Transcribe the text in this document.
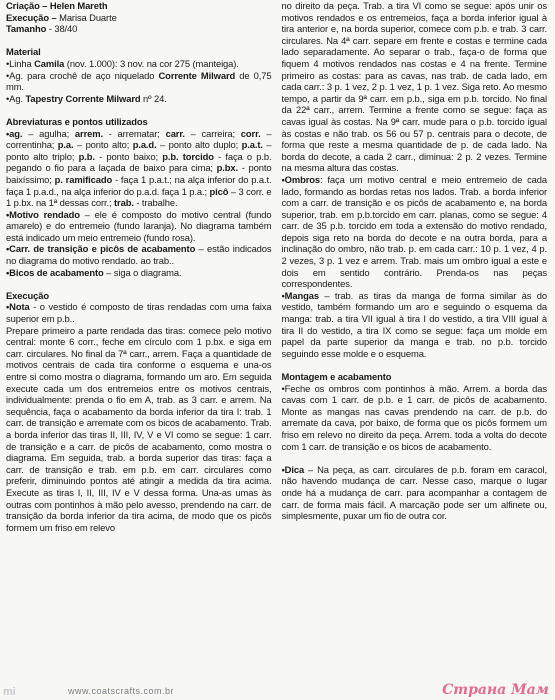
Criação – Helen Mareth

Execução – Marisa Duarte

Tamanho - 38/40

Material

•Linha Camila (nov. 1.000): 3 nov. na cor 275 (manteiga).

•Ag. para crochê de aço niquelado Corrente Milward de 0,75 mm.

•Ag. Tapestry Corrente Milward nº 24.

Abreviaturas e pontos utilizados

•ag. – agulha; arrem. - arrematar; carr. – carreira; corr. – correntinha; p.a. – ponto alto; p.a.d. – ponto alto duplo; p.a.t. – ponto alto triplo; p.b. - ponto baixo; p.b. torcido - faça o p.b. pegando o fio para a laçada de baixo para cima; p.bx. - ponto baixíssimo; p. ramificado - faça 1 p.a.t.; na alça inferior do p.a.t. faça 1 p.a.d., na alça inferior do p.a.d. faça 1 p.a.; picô – 3 corr. e 1 p.bx. na 1ª dessas corr.; trab. - trabalhe.

•Motivo rendado – ele é composto do motivo central (fundo amarelo) e do entremeio (fundo laranja). No diagrama também está indicado um meio entremeio (fundo rosa).

•Carr. de transição e picôs de acabamento – estão indicados no diagrama do motivo rendado. ao trab..

•Bicos de acabamento – siga o diagrama.

Execução

•Nota - o vestido é composto de tiras rendadas com uma faixa superior em p.b..

Prepare primeiro a parte rendada das tiras: comece pelo motivo central: monte 6 corr., feche em círculo com 1 p.bx. e siga em carr. circulares. No final da 7ª carr., arrem. Faça a quantidade de motivos centrais de cada tira conforme o esquema e una-os entre si como mostra o diagrama, formando um aro. Em seguida execute cada um dos entremeios entre os motivos centrais, individualmente: prenda o fio em A, trab. as 3 carr. e arrem. Na sequência, faça o acabamento da borda inferior da tira I: trab. 1 carr. de transição e arremate com os bicos de acabamento. Trab. a borda inferior das tiras II, III, IV, V e VI como se segue: 1 carr. de transição e a carr. de picôs de acabamento, como mostra o diagrama. Em seguida, trab. a borda superior das tiras: faça a carr. de transição e trab. em p.b. em carr. circulares como preferir, diminuindo pontos até atingir a medida da tira acima. Execute as tiras I, II, III, IV e V dessa forma. Una-as umas às outras com pontinhos à mão pelo avesso, prendendo na carr. de transição da borda inferior da tira acima, de modo que os picôs formem um friso em relevo

no direito da peça. Trab. a tira VI como se segue: após unir os motivos rendados e os entremeios, faça a borda inferior igual à tira anterior e, na borda superior, comece com p.b. e trab. 3 carr. circulares. Na 4ª carr. separe em frente e costas e termine cada lado separadamente. Ao separar o trab., faça-o de forma que fiquem 4 motivos rendados nas costas e 4 na frente. Termine primeiro as costas: para as cavas, nas trab. de cada lado, em cada carr.: 3 p. 1 vez, 2 p. 1 vez, 1 p. 1 vez. Siga reto. Ao mesmo tempo, a partir da 9ª carr. em p.b., siga em p.b. torcido. No final da 22ª carr., arrem. Termine a frente como se segue: faça as cavas igual às costas. Na 9ª carr. mude para o p.b. torcido igual às costas e não trab. os 56 ou 57 p. centrais para o decote, de forma que reste a mesma quantidade de p. de cada lado. Na borda do decote, a cada 2 carr., diminua: 2 p. 2 vezes. Termine na mesma altura das costas.

•Ombros: faça um motivo central e meio entremeio de cada lado, formando as bordas retas nos lados. Trab. a borda inferior com a carr. de transição e os picôs de acabamento e, na borda superior, trab. em p.b.torcido em carr. planas, como se segue: 4 carr. de 35 p.b. torcido em toda a extensão do motivo rendado, depois siga reto na borda do decote e na outra borda, para a inclinação do ombro, não trab. p. em cada carr.: 10 p. 1 vez, 4 p. 2 vezes, 3 p. 1 vez e arrem. Trab. mais um ombro igual a este e dois em sentido contrário. Prenda-os nas peças correspondentes.

•Mangas – trab. as tiras da manga de forma similar às do vestido, também formando um aro e seguindo o esquema da manga: trab. a tira VII igual à tira I do vestido, a tira VIII igual à tira II do vestido, a tira IX como se segue: faça um molde em papel da parte superior da manga e trab. no p.b. torcido seguindo esse molde e o esquema.

Montagem e acabamento

•Feche os ombros com pontinhos à mão. Arrem. a borda das cavas com 1 carr. de p.b. e 1 carr. de picôs de acabamento. Monte as mangas nas cavas prendendo na carr. de p.b. do arremate da cava, por baixo, de forma que os picôs formem um friso em relevo no direito da peça. Arrem. toda a volta do decote com 1 carr. de transição e os bicos de acabamento.

•Dica – Na peça, as carr. circulares de p.b. foram em caracol, não havendo mudança de carr. Nesse caso, marque o lugar onde há a mudança de carr. para acompanhar a contagem de carr. de forma mais fácil. A marcação pode ser um alfinete ou, simplesmente, puxar um fio de outra cor.

mi	www.coatscrafts.com.br	Страна Мам
